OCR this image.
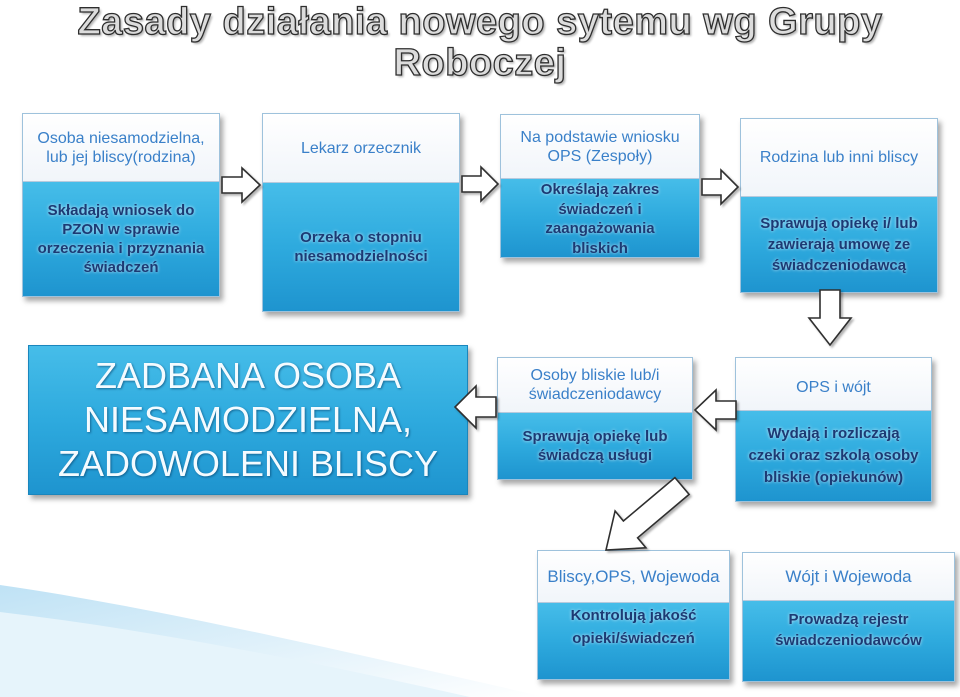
Zasady działania nowego sytemu wg Grupy
Roboczej
Osoba niesamodzielna,
lub jej bliscy(rodzina)
Składają wniosek do
PZON w sprawie
orzeczenia i przyznania
świadczeń
Lekarz orzecznik
Orzeka o stopniu
niesamodzielności
Na podstawie wniosku
OPS (Zespoły)
Określają zakres
świadczeń i
zaangażowania
bliskich
Rodzina lub inni bliscy
Sprawują opiekę i/ lub
zawierają umowę ze
świadczeniodawcą
ZADBANA OSOBA
NIESAMODZIELNA,
ZADOWOLENI BLISCY
Osoby bliskie lub/i
świadczeniodawcy
Sprawują opiekę lub
świadczą usługi
OPS i wójt
Wydają i rozliczają
czeki oraz szkolą osoby
bliskie (opiekunów)
Bliscy,OPS, Wojewoda
Kontrolują jakość
opieki/świadczeń
Wójt i Wojewoda
Prowadzą rejestr
świadczeniodawców
